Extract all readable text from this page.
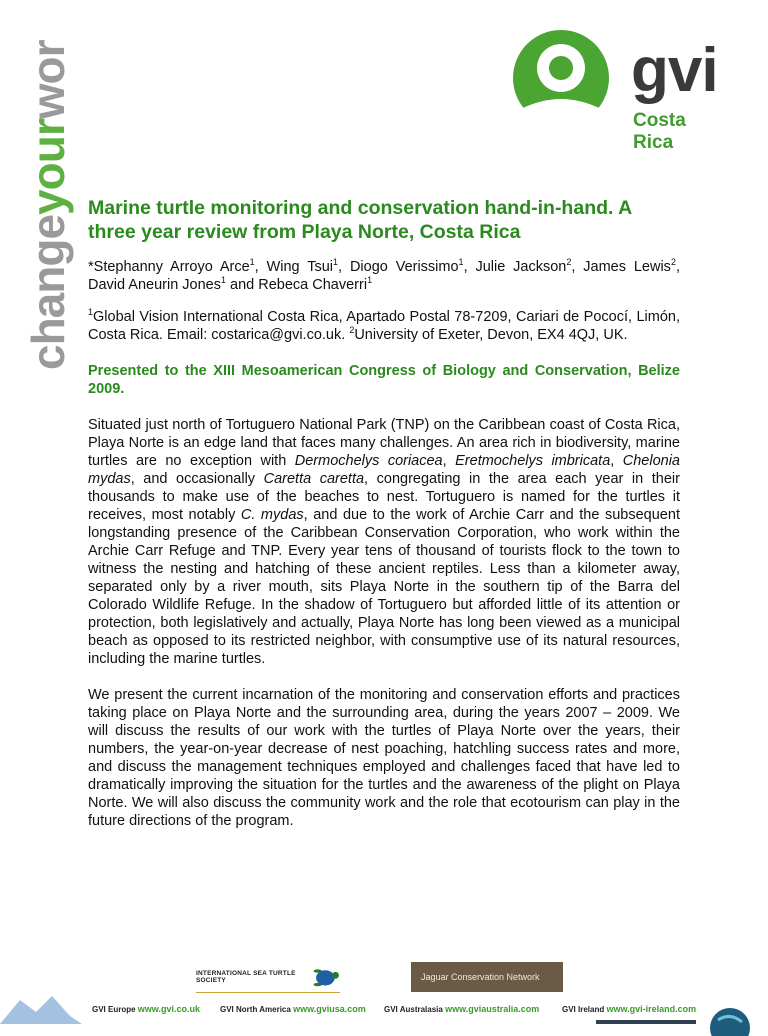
changeyourworld	gvi
Costa Rica
Marine turtle monitoring and conservation hand-in-hand. A three year review from Playa Norte, Costa Rica

*Stephanny Arroyo Arce$^1$, Wing Tsui$^1$, Diogo Verissimo$^1$, Julie Jackson$^2$, James Lewis$^2$, David Aneurin Jones$^1$ and Rebeca Chaverri$^1$

$^1$Global Vision International Costa Rica, Apartado Postal 78-7209, Cariari de Pococí, Limón, Costa Rica. Email: costarica@gvi.co.uk. $^2$University of Exeter, Devon, EX4 4QJ, UK.

Presented to the XIII Mesoamerican Congress of Biology and Conservation, Belize 2009.

Situated just north of Tortuguero National Park (TNP) on the Caribbean coast of Costa Rica, Playa Norte is an edge land that faces many challenges. An area rich in biodiversity, marine turtles are no exception with Dermochelys coriacea, Eretmochelys imbricata, Chelonia mydas, and occasionally Caretta caretta, congregating in the area each year in their thousands to make use of the beaches to nest. Tortuguero is named for the turtles it receives, most notably C. mydas, and due to the work of Archie Carr and the subsequent longstanding presence of the Caribbean Conservation Corporation, who work within the Archie Carr Refuge and TNP. Every year tens of thousand of tourists flock to the town to witness the nesting and hatching of these ancient reptiles. Less than a kilometer away, separated only by a river mouth, sits Playa Norte in the southern tip of the Barra del Colorado Wildlife Refuge. In the shadow of Tortuguero but afforded little of its attention or protection, both legislatively and actually, Playa Norte has long been viewed as a municipal beach as opposed to its restricted neighbor, with consumptive use of its natural resources, including the marine turtles.

We present the current incarnation of the monitoring and conservation efforts and practices taking place on Playa Norte and the surrounding area, during the years 2007 – 2009. We will discuss the results of our work with the turtles of Playa Norte over the years, their numbers, the year-on-year decrease of nest poaching, hatchling success rates and more, and discuss the management techniques employed and challenges faced that have led to dramatically improving the situation for the turtles and the awareness of the plight on Playa Norte. We will also discuss the community work and the role that ecotourism can play in the future directions of the program.

INTERNATIONAL SEA TURTLE SOCIETY	Jaguar Conservation Network
GVI Europe www.gvi.co.uk	GVI North America www.gviusa.com GVI Australasia www.gviaustralia.com	GVI Ireland www.gvi-ireland.com
